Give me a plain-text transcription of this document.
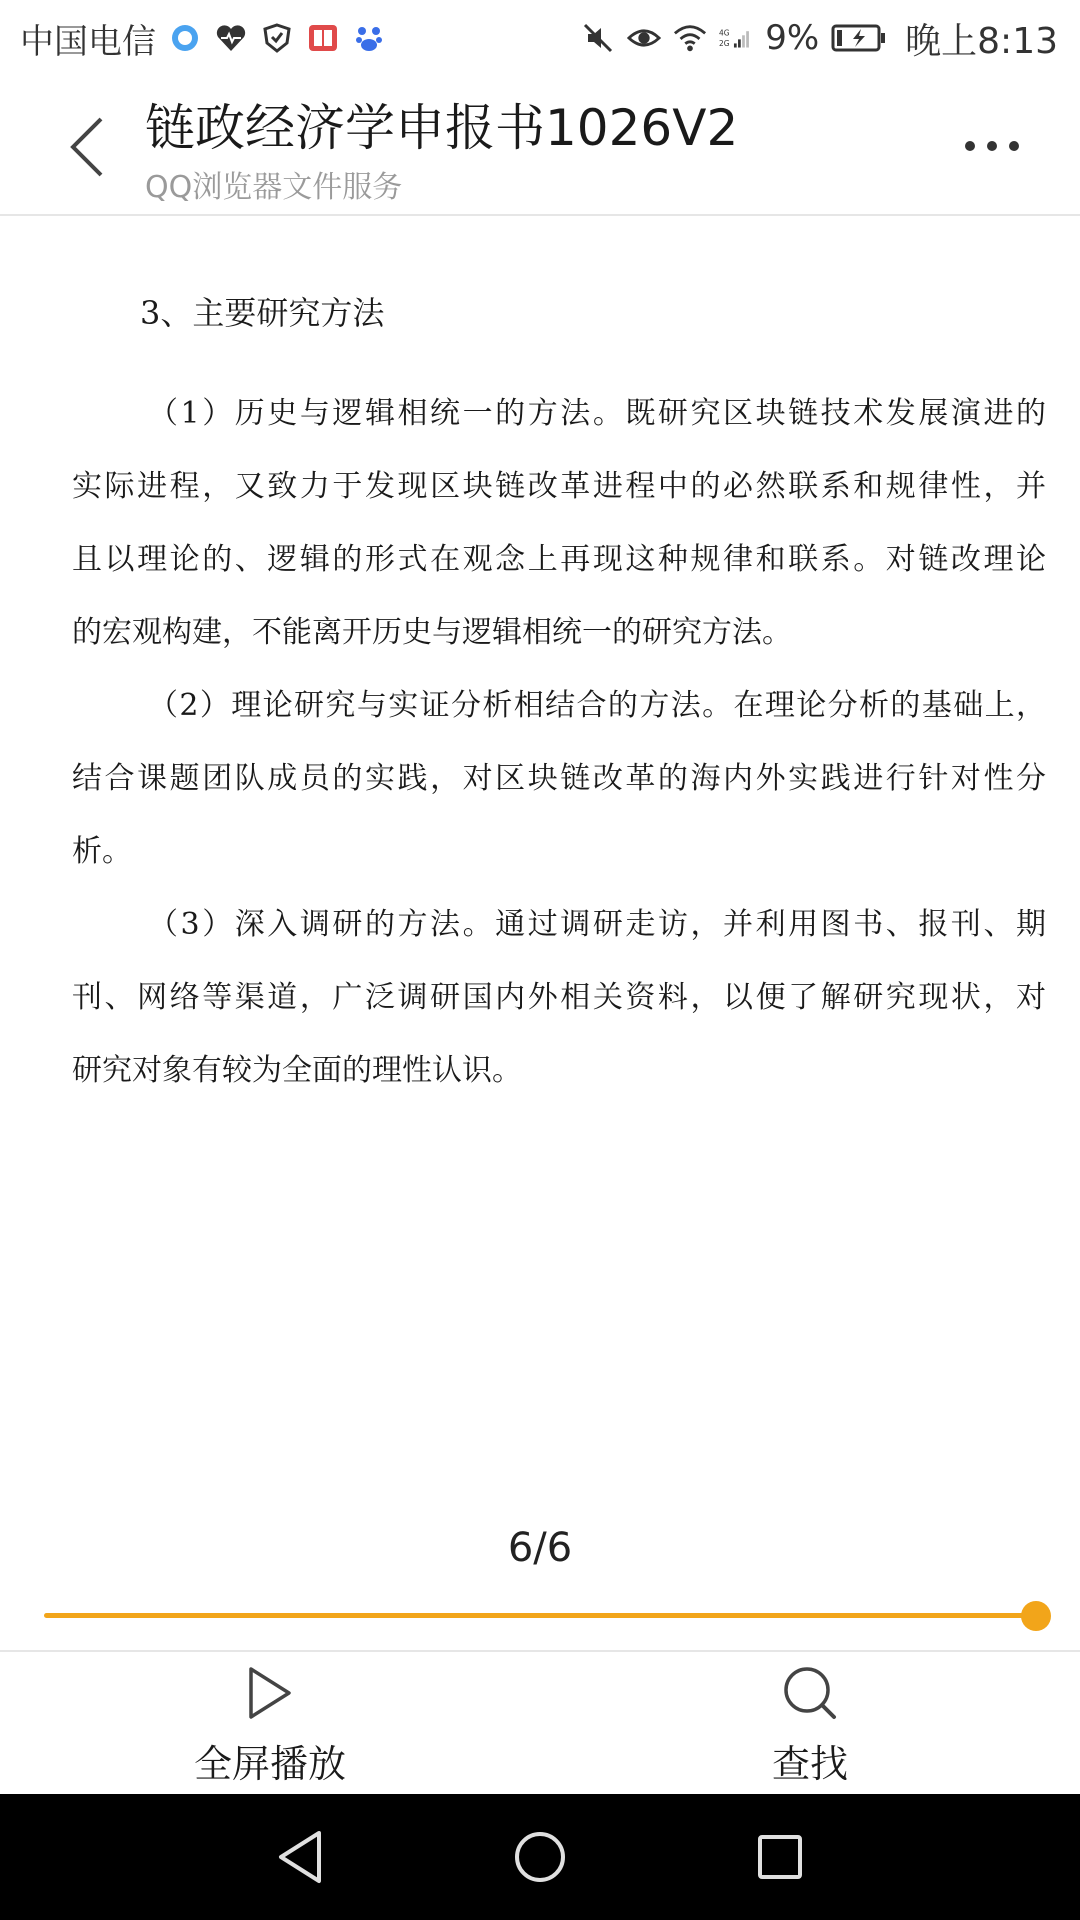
中国电信	4G
2G 9% 晚上8:13
链政经济学申报书1026V2
QQ浏览器文件服务
3、主要研究方法
（1）历史与逻辑相统一的方法。既研究区块链技术发展演进的
实际进程，又致力于发现区块链改革进程中的必然联系和规律性，并
且以理论的、逻辑的形式在观念上再现这种规律和联系。对链改理论
的宏观构建，不能离开历史与逻辑相统一的研究方法。
（2）理论研究与实证分析相结合的方法。在理论分析的基础上，
结合课题团队成员的实践，对区块链改革的海内外实践进行针对性分
析。
（3）深入调研的方法。通过调研走访，并利用图书、报刊、期
刊、网络等渠道，广泛调研国内外相关资料，以便了解研究现状，对
研究对象有较为全面的理性认识。
6/6
全屏播放	查找
